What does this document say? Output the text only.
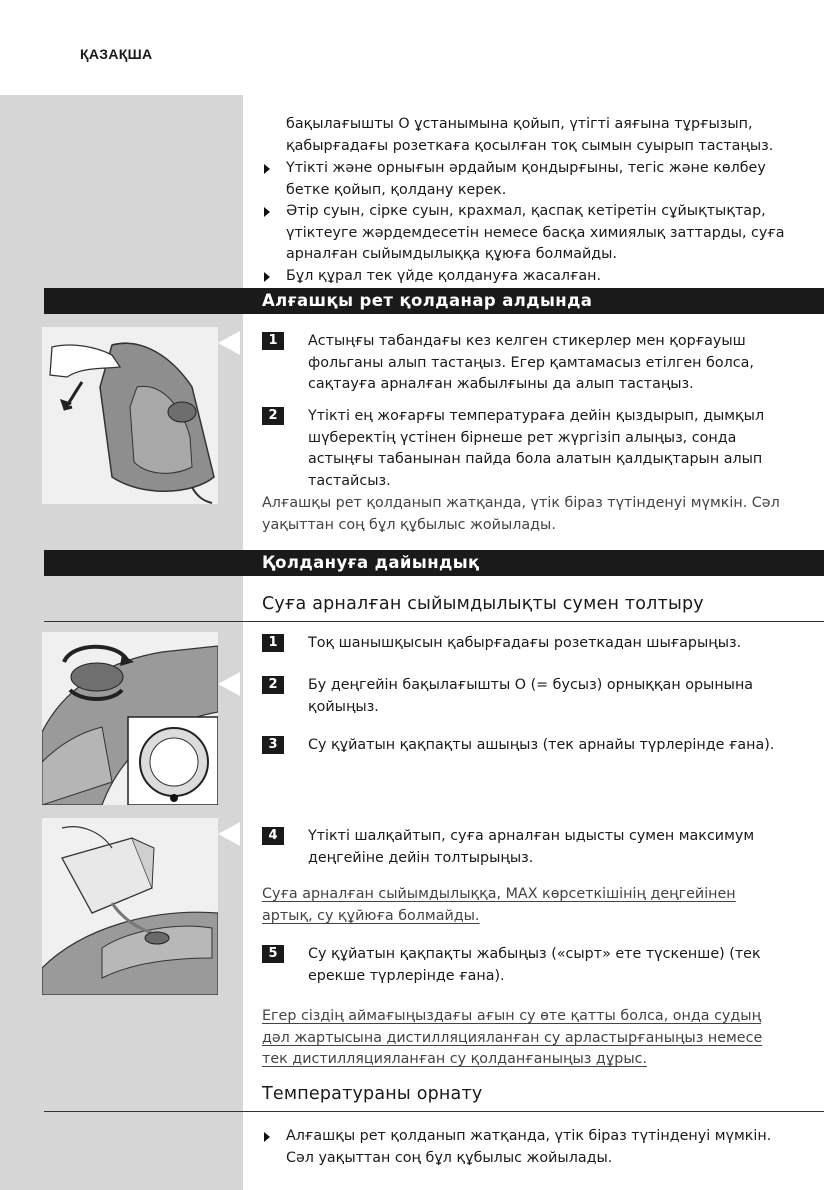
ҚАЗАҚША
бақылағышты O ұстанымына қойып, үтігті аяғына тұрғызып, қабырғадағы розеткаға қосылған тоқ сымын суырып тастаңыз.
Үтікті және орнығын әрдайым қондырғыны, тегіс және көлбеу бетке қойып, қолдану керек.
Әтір суын, сірке суын, крахмал, қаспақ кетіретін сұйықтықтар, үтіктеуге жәрдемдесетін немесе басқа химиялық заттарды, суға арналған сыйымдылыққа құюға болмайды.
Бұл құрал тек үйде қолдануға жасалған.
Алғашқы рет қолданар алдында
1	Астыңғы табандағы кез келген стикерлер мен қорғауыш фольганы алып тастаңыз. Егер қамтамасыз етілген болса, сақтауға арналған жабылғыны да алып тастаңыз.
2	Үтікті ең жоғарғы температураға дейін қыздырып, дымқыл шүберектің үстінен бірнеше рет жүргізіп алыңыз, сонда астыңғы табанынан пайда бола алатын қалдықтарын алып тастайсыз.
Алғашқы рет қолданып жатқанда, үтік біраз түтінденуі мүмкін. Сәл уақыттан соң бұл құбылыс жойылады.
Қолдануға дайындық
Суға арналған сыйымдылықты сумен толтыру
1	Тоқ шанышқысын қабырғадағы розеткадан шығарыңыз.
2	Бу деңгейін бақылағышты O (= бусыз) орныққан орынына қойыңыз.
3	Су құйатын қақпақты ашыңыз (тек арнайы түрлерінде ғана).
4	Үтікті шалқайтып, суға арналған ыдысты сумен максимум деңгейіне дейін толтырыңыз.
Суға арналған сыйымдылыққа, MAX көрсеткішінің деңгейінен артық, су құйюға болмайды.
5	Су құйатын қақпақты жабыңыз («сырт» ете түскенше) (тек ерекше түрлерінде ғана).
Егер сіздің аймағыңыздағы ағын су өте қатты болса, онда судың дәл жартысына дистилляцияланған су арластырғаныңыз немесе тек дистилляцияланған су қолданғаныңыз дұрыс.
Температураны орнату
Алғашқы рет қолданып жатқанда, үтік біраз түтінденуі мүмкін. Сәл уақыттан соң бұл құбылыс жойылады.
